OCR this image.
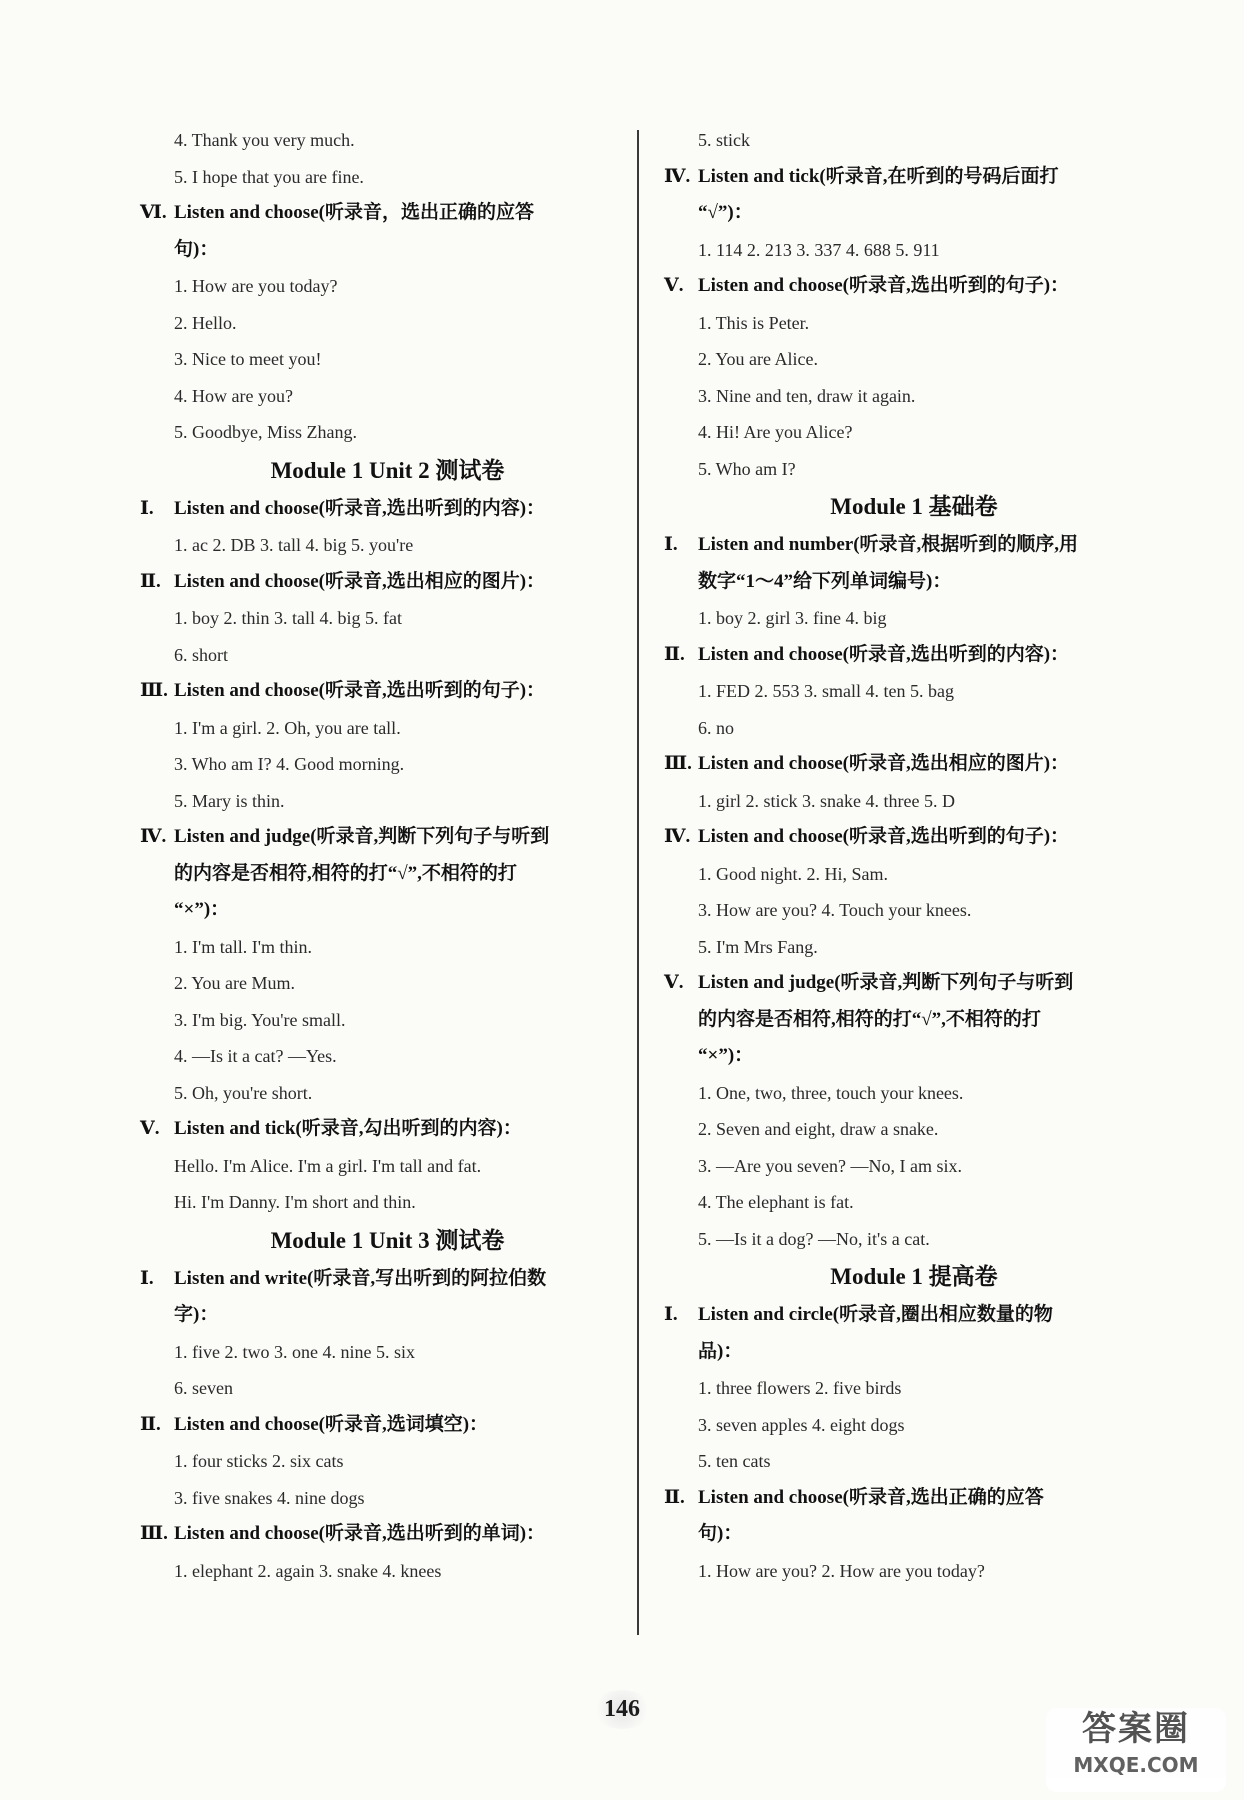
4. Thank you very much.
5. I hope that you are fine.
Ⅵ. Listen and choose(听录音，选出正确的应答
句)：
1. How are you today?
2. Hello.
3. Nice to meet you!
4. How are you?
5. Goodbye, Miss Zhang.
Module 1 Unit 2 测试卷
Ⅰ. Listen and choose(听录音,选出听到的内容)：
1. ac 2. DB 3. tall 4. big 5. you're
Ⅱ. Listen and choose(听录音,选出相应的图片)：
1. boy 2. thin 3. tall 4. big 5. fat
6. short
Ⅲ. Listen and choose(听录音,选出听到的句子)：
1. I'm a girl. 2. Oh, you are tall.
3. Who am I? 4. Good morning.
5. Mary is thin.
Ⅳ. Listen and judge(听录音,判断下列句子与听到
的内容是否相符,相符的打“√”,不相符的打
“×”)：
1. I'm tall. I'm thin.
2. You are Mum.
3. I'm big. You're small.
4. —Is it a cat? —Yes.
5. Oh, you're short.
Ⅴ. Listen and tick(听录音,勾出听到的内容)：
Hello. I'm Alice. I'm a girl. I'm tall and fat.
Hi. I'm Danny. I'm short and thin.
Module 1 Unit 3 测试卷
Ⅰ. Listen and write(听录音,写出听到的阿拉伯数
字)：
1. five 2. two 3. one 4. nine 5. six
6. seven
Ⅱ. Listen and choose(听录音,选词填空)：
1. four sticks 2. six cats
3. five snakes 4. nine dogs
Ⅲ. Listen and choose(听录音,选出听到的单词)：
1. elephant 2. again 3. snake 4. knees
5. stick
Ⅳ. Listen and tick(听录音,在听到的号码后面打
“√”)：
1. 114 2. 213 3. 337 4. 688 5. 911
Ⅴ. Listen and choose(听录音,选出听到的句子)：
1. This is Peter.
2. You are Alice.
3. Nine and ten, draw it again.
4. Hi! Are you Alice?
5. Who am I?
Module 1 基础卷
Ⅰ. Listen and number(听录音,根据听到的顺序,用
数字“1～4”给下列单词编号)：
1. boy 2. girl 3. fine 4. big
Ⅱ. Listen and choose(听录音,选出听到的内容)：
1. FED 2. 553 3. small 4. ten 5. bag
6. no
Ⅲ. Listen and choose(听录音,选出相应的图片)：
1. girl 2. stick 3. snake 4. three 5. D
Ⅳ. Listen and choose(听录音,选出听到的句子)：
1. Good night. 2. Hi, Sam.
3. How are you? 4. Touch your knees.
5. I'm Mrs Fang.
Ⅴ. Listen and judge(听录音,判断下列句子与听到
的内容是否相符,相符的打“√”,不相符的打
“×”)：
1. One, two, three, touch your knees.
2. Seven and eight, draw a snake.
3. —Are you seven? —No, I am six.
4. The elephant is fat.
5. —Is it a dog? —No, it's a cat.
Module 1 提高卷
Ⅰ. Listen and circle(听录音,圈出相应数量的物
品)：
1. three flowers 2. five birds
3. seven apples 4. eight dogs
5. ten cats
Ⅱ. Listen and choose(听录音,选出正确的应答
句)：
1. How are you? 2. How are you today?
146	答案圈
MXQE.COM
